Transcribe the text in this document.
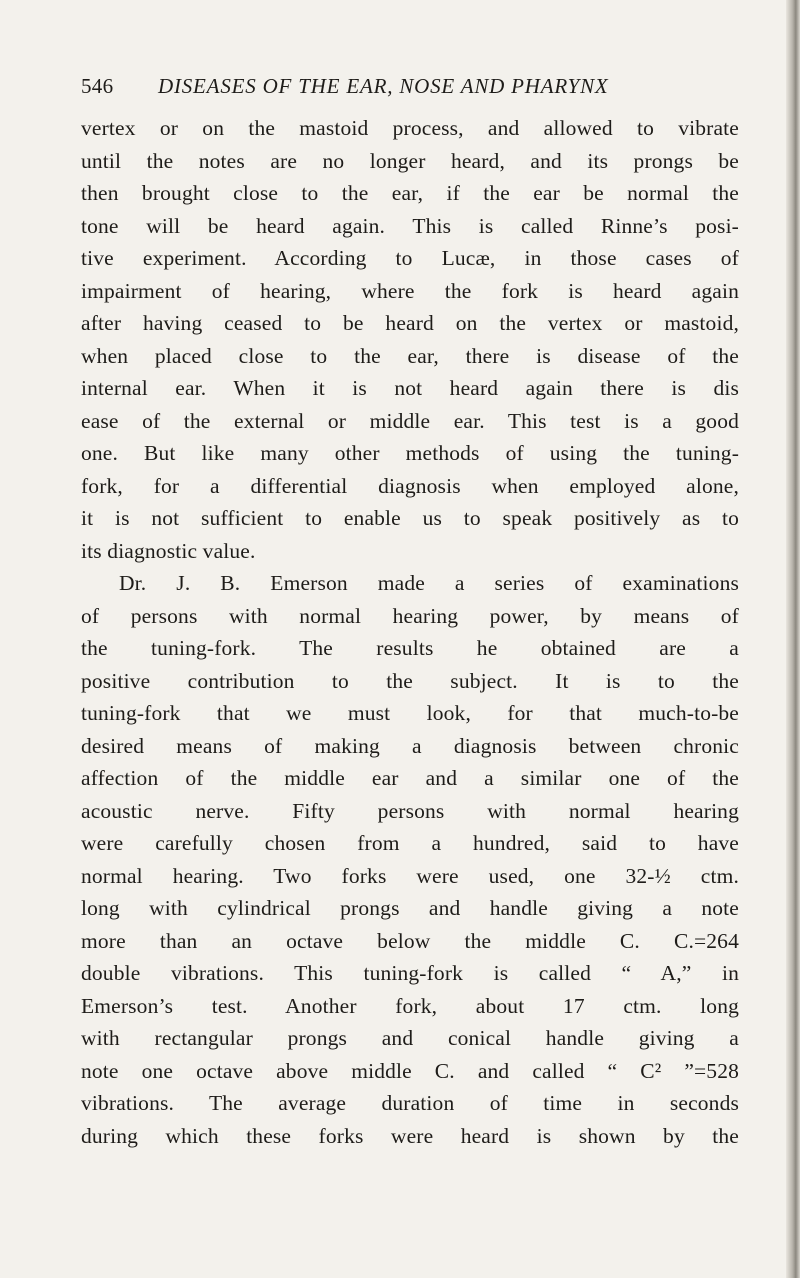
546 DISEASES OF THE EAR, NOSE AND PHARYNX
vertex or on the mastoid process, and allowed to vibrate
until the notes are no longer heard, and its prongs be
then brought close to the ear, if the ear be normal the
tone will be heard again. This is called Rinne’s posi-
tive experiment. According to Lucæ, in those cases of
impairment of hearing, where the fork is heard again
after having ceased to be heard on the vertex or mastoid,
when placed close to the ear, there is disease of the
internal ear. When it is not heard again there is dis
ease of the external or middle ear. This test is a good
one. But like many other methods of using the tuning-
fork, for a differential diagnosis when employed alone,
it is not sufficient to enable us to speak positively as to
its diagnostic value.
Dr. J. B. Emerson made a series of examinations
of persons with normal hearing power, by means of
the tuning-fork. The results he obtained are a
positive contribution to the subject. It is to the
tuning-fork that we must look, for that much-to-be
desired means of making a diagnosis between chronic
affection of the middle ear and a similar one of the
acoustic nerve. Fifty persons with normal hearing
were carefully chosen from a hundred, said to have
normal hearing. Two forks were used, one 32-½ ctm.
long with cylindrical prongs and handle giving a note
more than an octave below the middle C. C.=264
double vibrations. This tuning-fork is called “ A,” in
Emerson’s test. Another fork, about 17 ctm. long
with rectangular prongs and conical handle giving a
note one octave above middle C. and called “ C² ”=528
vibrations. The average duration of time in seconds
during which these forks were heard is shown by the
